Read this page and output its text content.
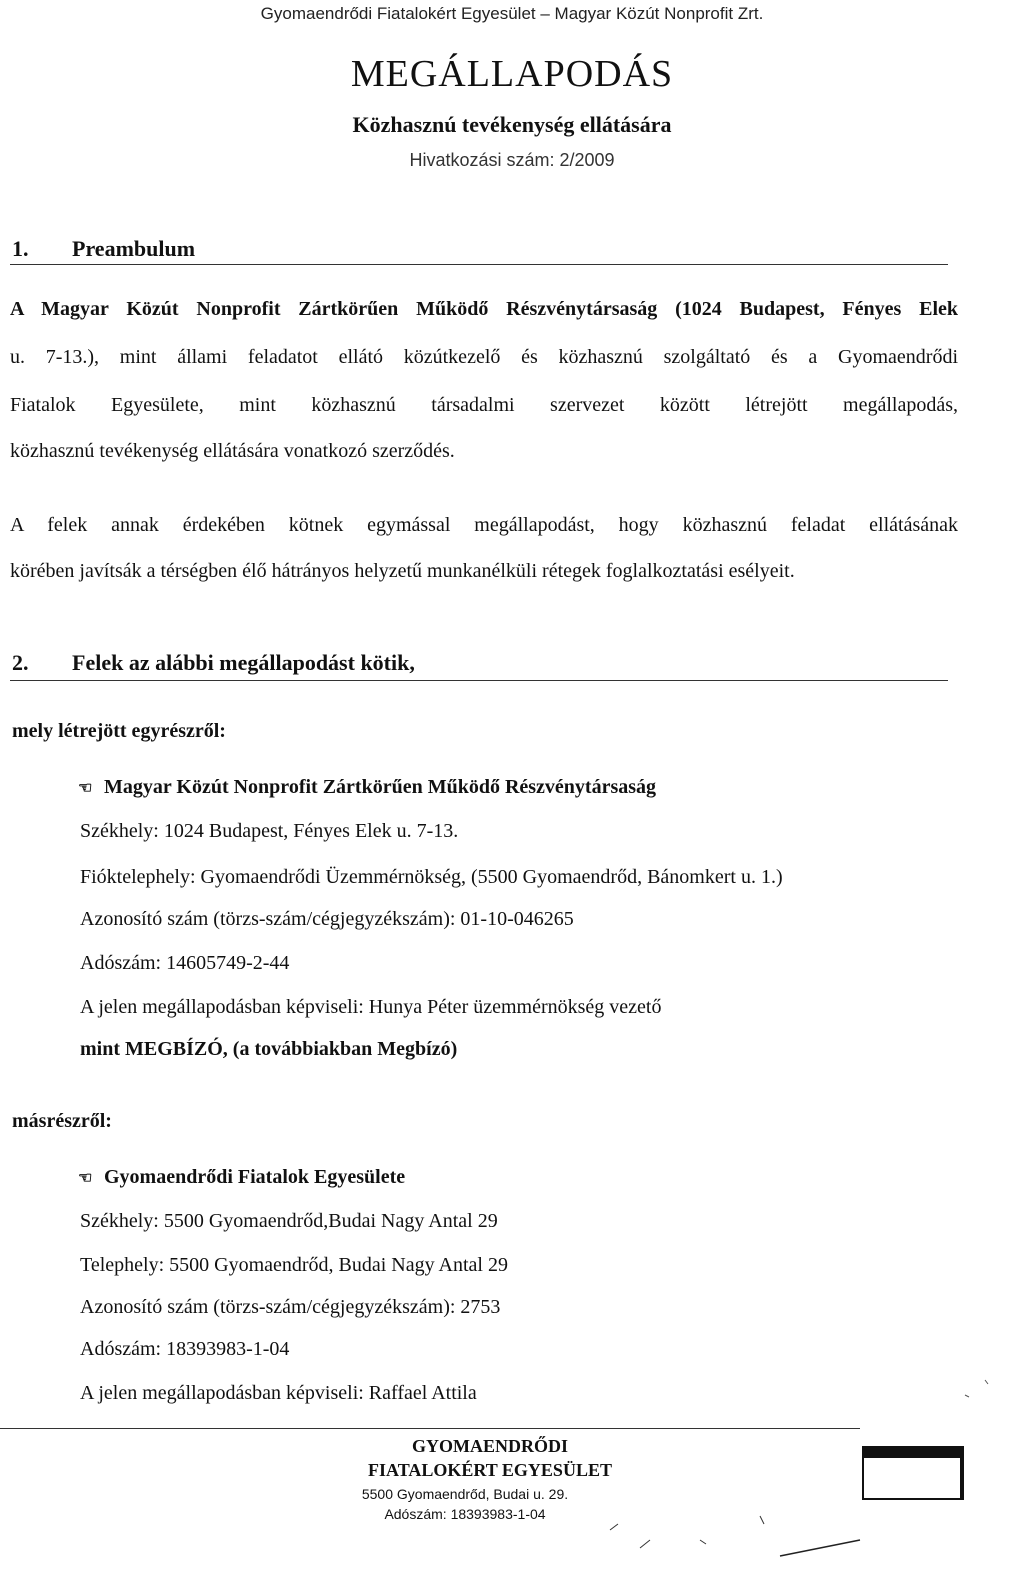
Gyomaendrődi Fiatalokért Egyesület – Magyar Közút Nonprofit Zrt.
MEGÁLLAPODÁS
Közhasznú tevékenység ellátására
Hivatkozási szám: 2/2009
1. Preambulum
A Magyar Közút Nonprofit Zártkörűen Működő Részvénytársaság (1024 Budapest, Fényes Elek
u. 7-13.), mint állami feladatot ellátó közútkezelő és közhasznú szolgáltató és a Gyomaendrődi
Fiatalok Egyesülete, mint közhasznú társadalmi szervezet között létrejött megállapodás,
közhasznú tevékenység ellátására vonatkozó szerződés.
A felek annak érdekében kötnek egymással megállapodást, hogy közhasznú feladat ellátásának
körében javítsák a térségben élő hátrányos helyzetű munkanélküli rétegek foglalkoztatási esélyeit.
2. Felek az alábbi megállapodást kötik,
mely létrejött egyrészről:
☜ Magyar Közút Nonprofit Zártkörűen Működő Részvénytársaság
Székhely: 1024 Budapest, Fényes Elek u. 7-13.
Fióktelephely: Gyomaendrődi Üzemmérnökség, (5500 Gyomaendrőd, Bánomkert u. 1.)
Azonosító szám (törzs-szám/cégjegyzékszám): 01-10-046265
Adószám: 14605749-2-44
A jelen megállapodásban képviseli: Hunya Péter üzemmérnökség vezető
mint MEGBÍZÓ, (a továbbiakban Megbízó)
másrészről:
☜ Gyomaendrődi Fiatalok Egyesülete
Székhely: 5500 Gyomaendrőd,Budai Nagy Antal 29
Telephely: 5500 Gyomaendrőd, Budai Nagy Antal 29
Azonosító szám (törzs-szám/cégjegyzékszám): 2753
Adószám: 18393983-1-04
A jelen megállapodásban képviseli: Raffael Attila
GYOMAENDRŐDI
FIATALOKÉRT EGYESÜLET
5500 Gyomaendrőd, Budai u. 29.
Adószám: 18393983-1-04
